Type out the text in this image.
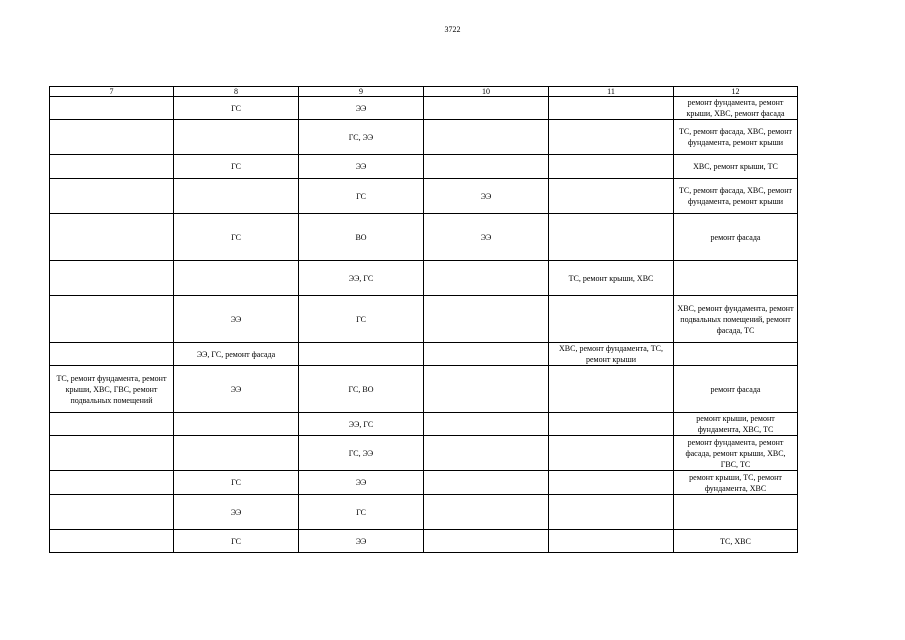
3722
7	8	9	10	11	12
	ГС	ЭЭ			ремонт фундамента, ремонт крыши, ХВС, ремонт фасада
		ГС, ЭЭ			ТС, ремонт фасада, ХВС, ремонт фундамента, ремонт крыши
	ГС	ЭЭ			ХВС, ремонт крыши, ТС
		ГС	ЭЭ		ТС, ремонт фасада, ХВС, ремонт фундамента, ремонт крыши
	ГС	ВО	ЭЭ		ремонт фасада
		ЭЭ, ГС		ТС, ремонт крыши, ХВС	
	ЭЭ	ГС			ХВС, ремонт фундамента, ремонт подвальных помещений, ремонт фасада, ТС
	ЭЭ, ГС, ремонт фасада			ХВС, ремонт фундамента, ТС, ремонт крыши	
ТС, ремонт фундамента, ремонт крыши, ХВС, ГВС, ремонт подвальных помещений	ЭЭ	ГС, ВО			ремонт фасада
		ЭЭ, ГС			ремонт крыши, ремонт фундамента, ХВС, ТС
		ГС, ЭЭ			ремонт фундамента, ремонт фасада, ремонт крыши, ХВС, ГВС, ТС
	ГС	ЭЭ			ремонт крыши, ТС, ремонт фундамента, ХВС
	ЭЭ	ГС			
	ГС	ЭЭ			ТС, ХВС
